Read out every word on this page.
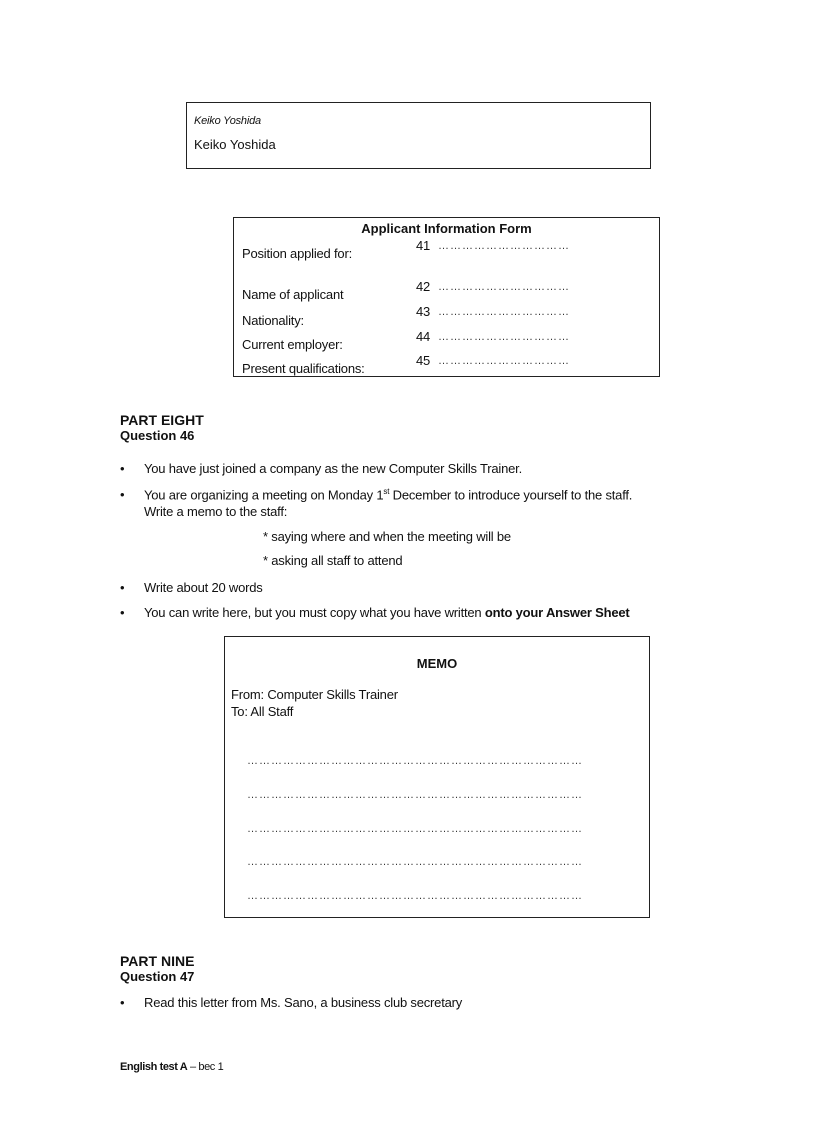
Keiko Yoshida
Keiko Yoshida
Applicant Information Form
Position applied for:
41 ……………………………
Name of applicant
42 ……………………………
Nationality:
43 ……………………………
Current employer:
44 ……………………………
Present qualifications:
45 ……………………………
PART EIGHT
Question 46
• You have just joined a company as the new Computer Skills Trainer.
• You are organizing a meeting on Monday 1st December to introduce yourself to the staff.
Write a memo to the staff:
* saying where and when the meeting will be
* asking all staff to attend
• Write about 20 words
• You can write here, but you must copy what you have written onto your Answer Sheet
MEMO
From: Computer Skills Trainer
To: All Staff
…………………………………………………………………………
…………………………………………………………………………
…………………………………………………………………………
…………………………………………………………………………
…………………………………………………………………………
PART NINE
Question 47
• Read this letter from Ms. Sano, a business club secretary
English test A – bec 1
